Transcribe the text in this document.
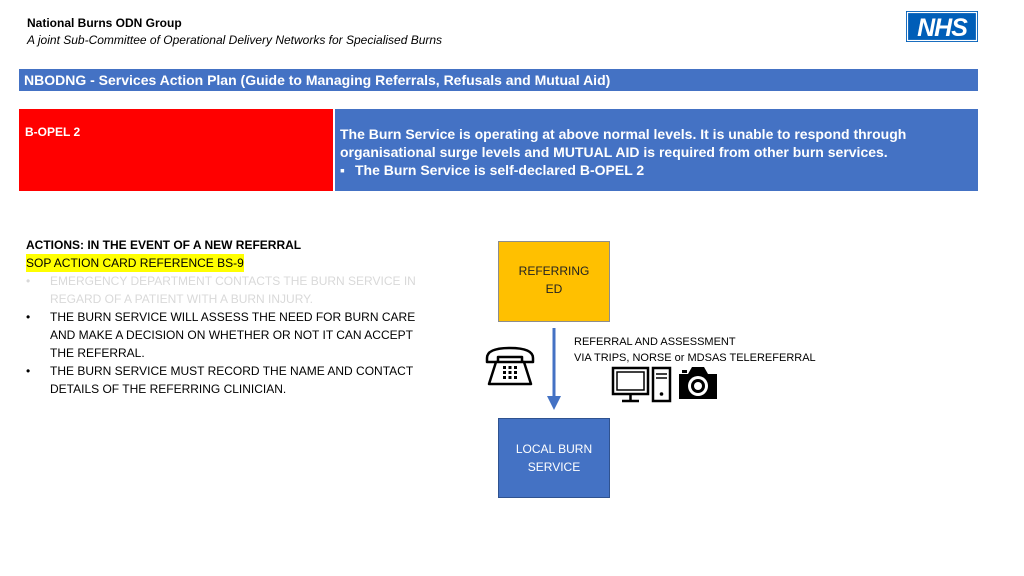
National Burns ODN Group
A joint Sub-Committee of Operational Delivery Networks for Specialised Burns	NHS
NBODNG - Services Action Plan (Guide to Managing Referrals, Refusals and Mutual Aid)
B-OPEL 2	The Burn Service is operating at above normal levels. It is unable to respond through organisational surge levels and MUTUAL AID is required from other burn services.
▪ The Burn Service is self-declared B-OPEL 2
ACTIONS: IN THE EVENT OF A NEW REFERRAL
SOP ACTION CARD REFERENCE BS-9
•	EMERGENCY DEPARTMENT CONTACTS THE BURN SERVICE IN REGARD OF A PATIENT WITH A BURN INJURY.
•	THE BURN SERVICE WILL ASSESS THE NEED FOR BURN CARE AND MAKE A DECISION ON WHETHER OR NOT IT CAN ACCEPT THE REFERRAL.
•	THE BURN SERVICE MUST RECORD THE NAME AND CONTACT DETAILS OF THE REFERRING CLINICIAN.
REFERRING
ED
LOCAL BURN
SERVICE
REFERRAL AND ASSESSMENT
VIA TRIPS, NORSE or MDSAS TELEREFERRAL
